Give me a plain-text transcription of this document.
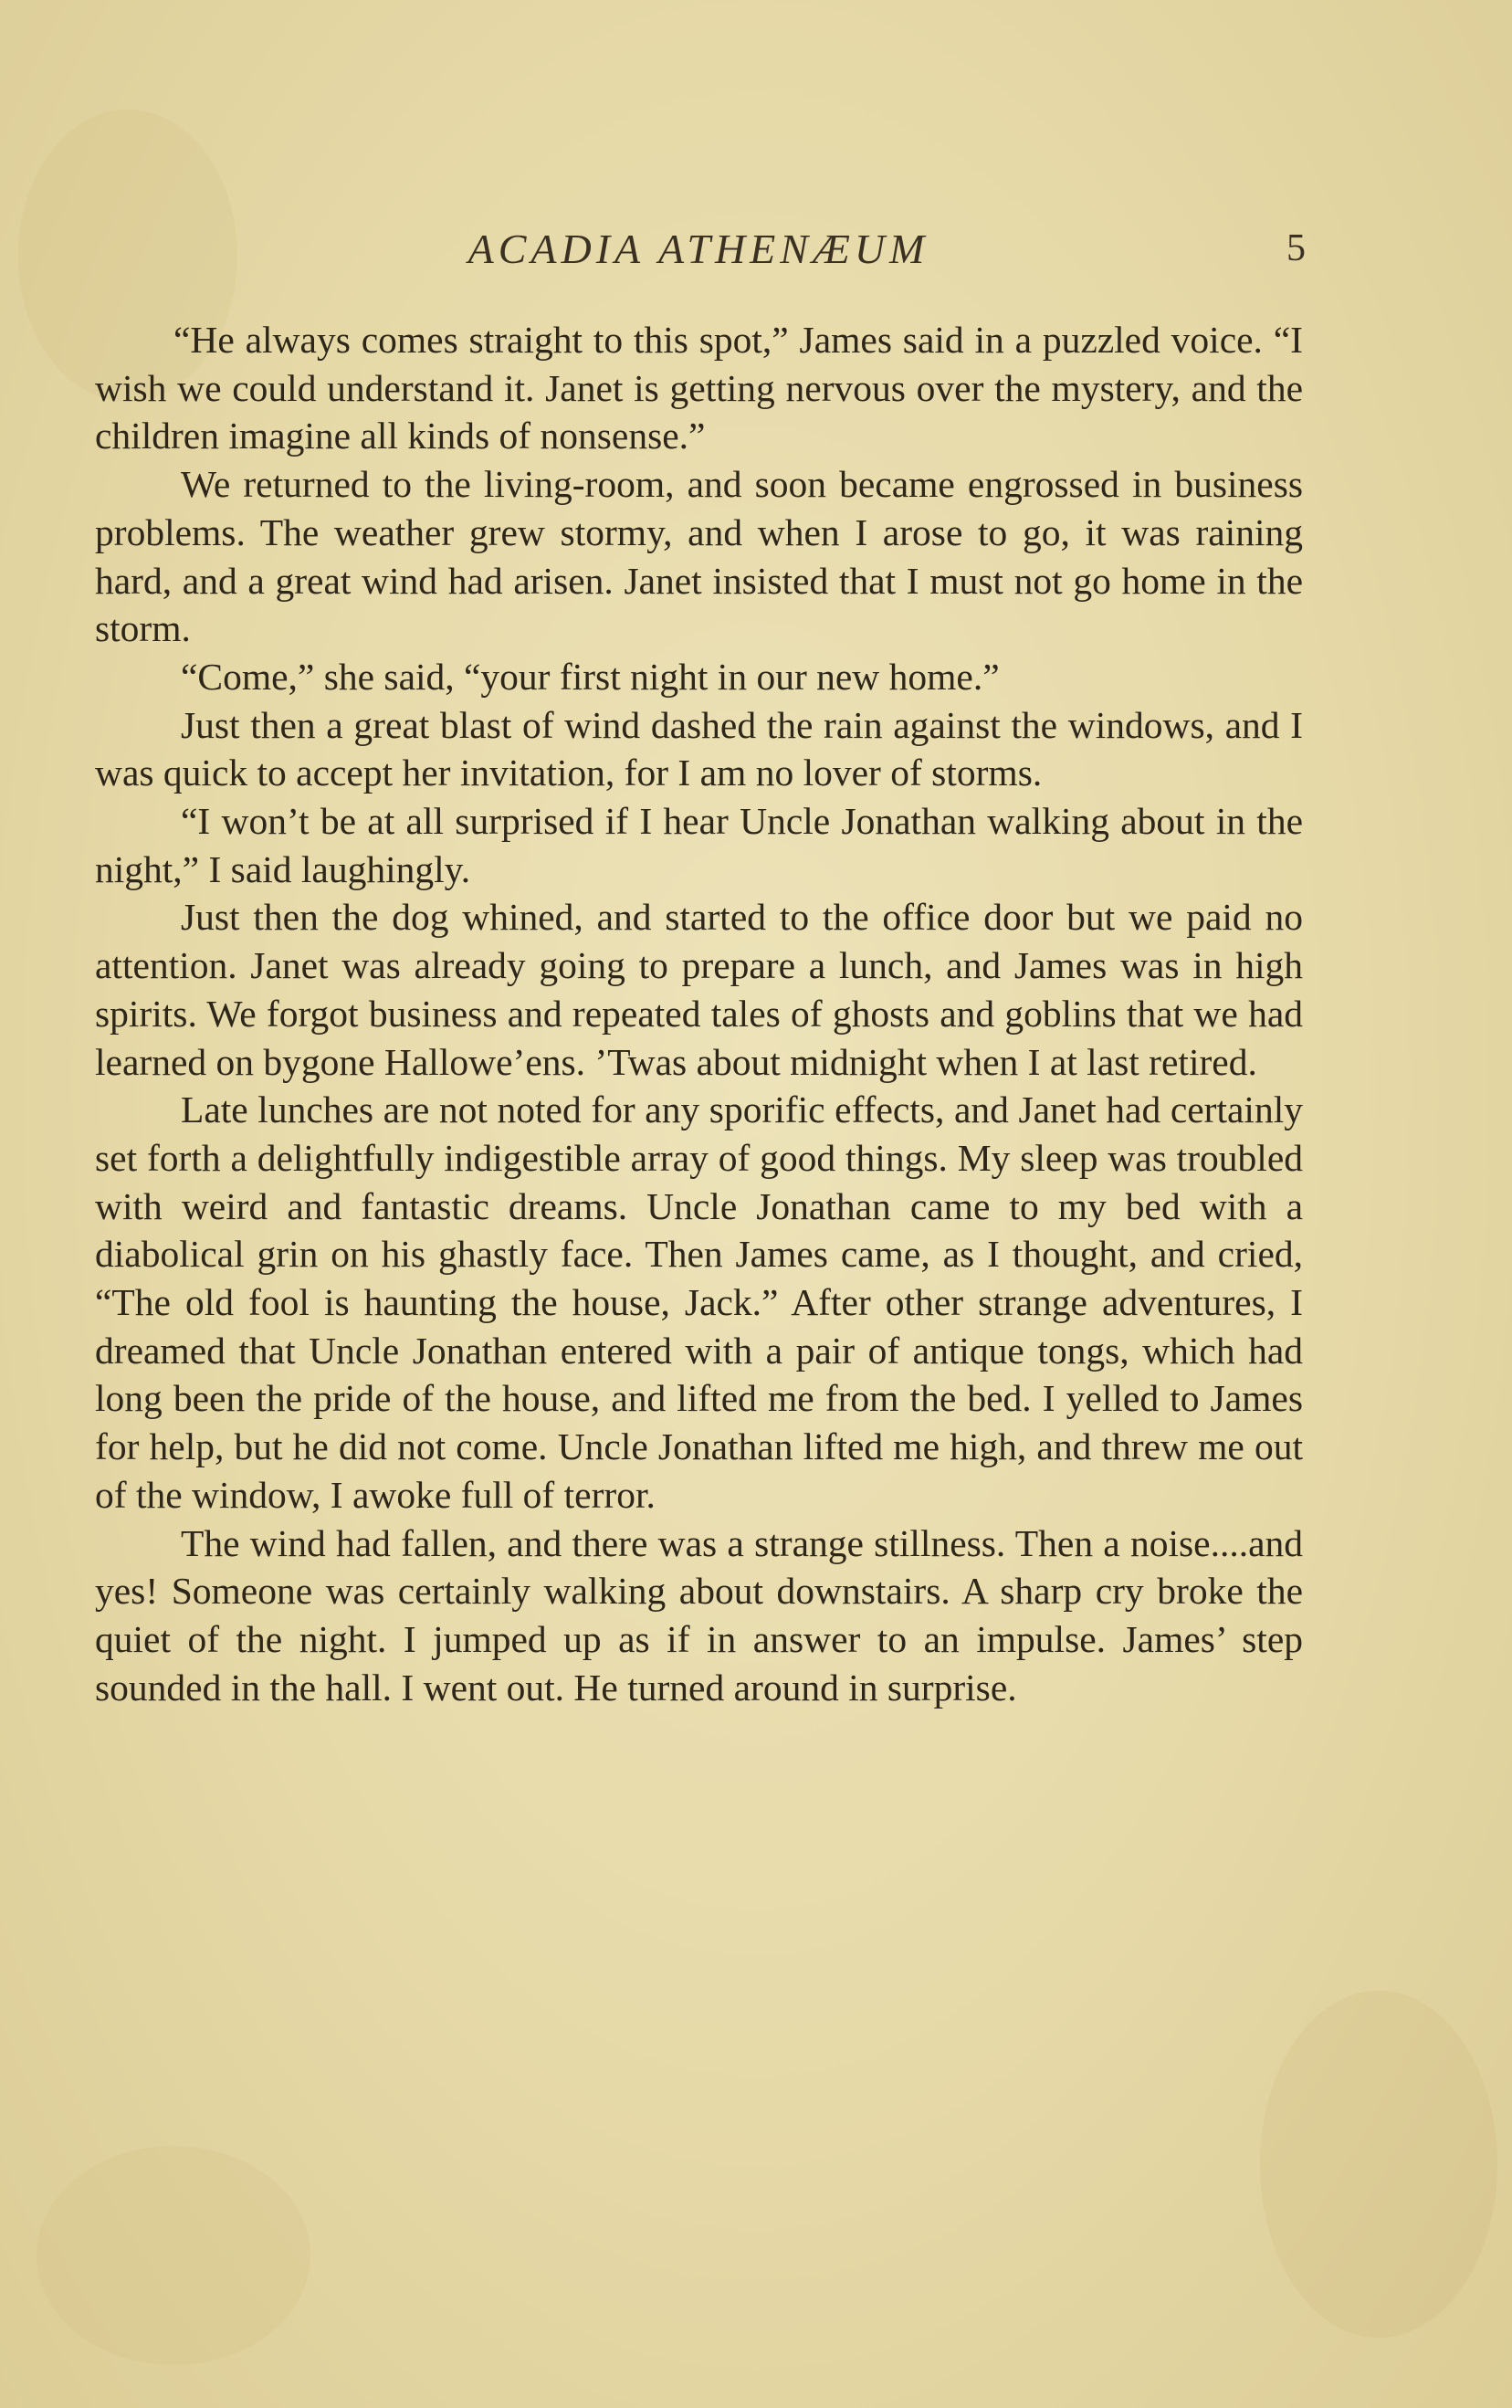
ACADIA ATHENÆUM	5

“He always comes straight to this spot,” James said in a puzzled voice. “I wish we could understand it. Janet is getting nervous over the mystery, and the children imagine all kinds of nonsense.”

We returned to the living-room, and soon became engrossed in business problems. The weather grew stormy, and when I arose to go, it was raining hard, and a great wind had arisen. Janet insisted that I must not go home in the storm.

“Come,” she said, “your first night in our new home.”

Just then a great blast of wind dashed the rain against the windows, and I was quick to accept her invitation, for I am no lover of storms.

“I won’t be at all surprised if I hear Uncle Jonathan walking about in the night,” I said laughingly.

Just then the dog whined, and started to the office door but we paid no attention. Janet was already going to prepare a lunch, and James was in high spirits. We forgot business and repeated tales of ghosts and goblins that we had learned on bygone Hallowe’ens. ’Twas about midnight when I at last retired.

Late lunches are not noted for any sporific effects, and Janet had certainly set forth a delightfully indigestible array of good things. My sleep was troubled with weird and fantastic dreams. Uncle Jonathan came to my bed with a diabolical grin on his ghastly face. Then James came, as I thought, and cried, “The old fool is haunting the house, Jack.” After other strange adventures, I dreamed that Uncle Jonathan entered with a pair of antique tongs, which had long been the pride of the house, and lifted me from the bed. I yelled to James for help, but he did not come. Uncle Jonathan lifted me high, and threw me out of the window, I awoke full of terror.

The wind had fallen, and there was a strange stillness. Then a noise....and yes! Someone was certainly walking about downstairs. A sharp cry broke the quiet of the night. I jumped up as if in answer to an impulse. James’ step sounded in the hall. I went out. He turned around in surprise.
